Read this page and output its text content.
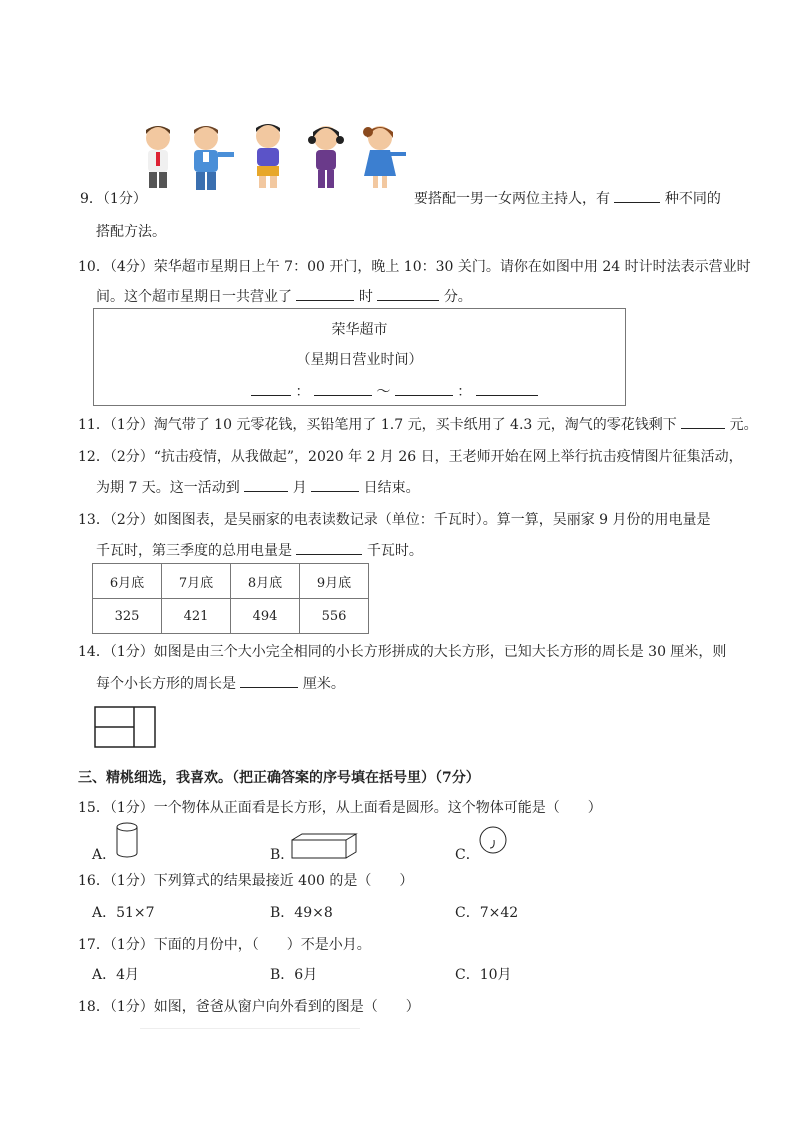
9．（1分）	要搭配一男一女两位主持人，有	种不同的
搭配方法。
10．（4分）荣华超市星期日上午 7：00 开门，晚上 10：30 关门。请你在如图中用 24 时计时法表示营业时
间。这个超市星期日一共营业了	时	分。
荣华超市
（星期日营业时间）
：	～	：
11．（1分）淘气带了 10 元零花钱，买铅笔用了 1.7 元，买卡纸用了 4.3 元，淘气的零花钱剩下	元。
12．（2分）“抗击疫情，从我做起”，2020 年 2 月 26 日，王老师开始在网上举行抗击疫情图片征集活动，
为期 7 天。这一活动到	月	日结束。
13．（2分）如图图表，是吴丽家的电表读数记录（单位：千瓦时）。算一算，吴丽家 9 月份的用电量是
千瓦时，第三季度的总用电量是	千瓦时。
6月底	7月底	8月底	9月底
325	421	494	556
14．（1分）如图是由三个大小完全相同的小长方形拼成的大长方形，已知大长方形的周长是 30 厘米，则
每个小长方形的周长是	厘米。
三、精桃细选，我喜欢。（把正确答案的序号填在括号里）（7分）
15．（1分）一个物体从正面看是长方形，从上面看是圆形。这个物体可能是（　　）
A．	B．	C．
16．（1分）下列算式的结果最接近 400 的是（　　）
A．51×7	B．49×8	C．7×42
17．（1分）下面的月份中，（　　）不是小月。
A．4月	B．6月	C．10月
18．（1分）如图，爸爸从窗户向外看到的图是（　　）
